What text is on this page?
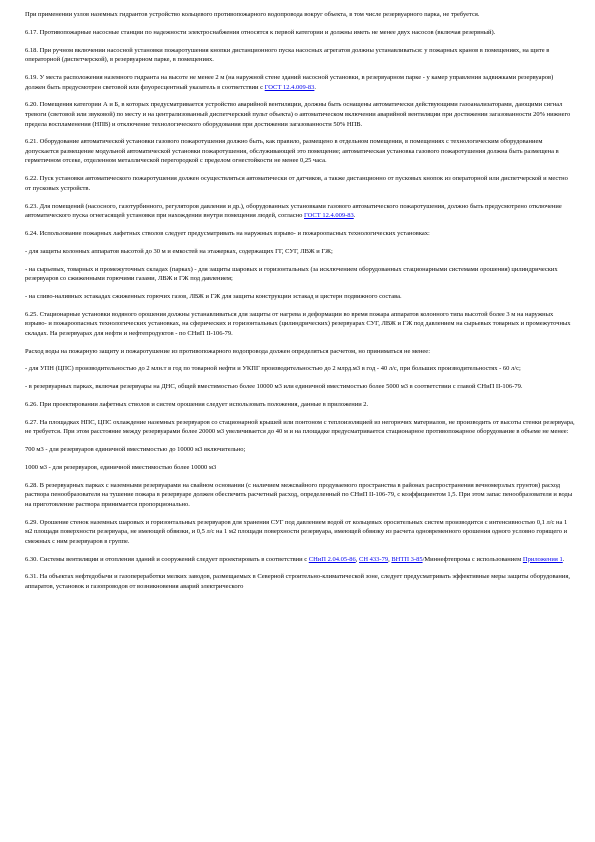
При применении узлов наземных гидрантов устройство кольцевого противопожарного водопровода вокруг объекта, в том числе резервуарного парка, не требуется.

6.17. Противопожарные насосные станции по надежности электроснабжения относятся к первой категории и должны иметь не менее двух насосов (включая резервный).

6.18. При ручном включении насосной установки пожаротушения кнопки дистанционного пуска насосных агрегатов должны устанавливаться: у пожарных кранов в помещениях, на щите в операторной (диспетчерской), в резервуарном парке, в помещениях.

6.19. У места расположения наземного гидранта на высоте не менее 2 м (на наружной стене зданий насосной установки, в резервуарном парке - у камер управления задвижками резервуаров) должен быть предусмотрен световой или флуоресцентный указатель в соответствии с ГОСТ 12.4.009-83.

6.20. Помещения категории А и Б, в которых предусматривается устройство аварийной вентиляции, должны быть оснащены автоматически действующими газоанализаторами, дающими сигнал тревоги (световой или звуковой) по месту и на централизованный диспетчерский пульт объекта) о автоматическом включении аварийной вентиляции при достижении загазованности 20% нижнего предела воспламенения (НПВ) и отключение технологического оборудования при достижении загазованности 50% НПВ.

6.21. Оборудование автоматической установки газового пожаротушения должно быть, как правило, размещено в отдельном помещении, в помещениях с технологическим оборудованием допускается размещение модульной автоматической установки пожаротушения, обслуживающей это помещение; автоматическая установка газового пожаротушения должна быть размещена в герметичном отсеке, отделенном металлической перегородкой с пределом огнестойкости не менее 0,25 часа.

6.22. Пуск установки автоматического пожаротушения должен осуществляться автоматически от датчиков, а также дистанционно от пусковых кнопок из операторной или диспетчерской и местно от пусковых устройств.

6.23. Для помещений (насосного, газотурбинного, регуляторов давления и др.), оборудованных установками газового автоматического пожаротушения, должно быть предусмотрено отключение автоматического пуска огнегасящей установки при нахождении внутри помещения людей, согласно ГОСТ 12.4.009-83.

6.24. Использование пожарных лафетных стволов следует предусматривать на наружных взрыво- и пожароопасных технологических установках:

- для защиты колонных аппаратов высотой до 30 м и емкостей на этажерках, содержащих ГГ, СУГ, ЛВЖ и ГЖ;

- на сырьевых, товарных и промежуточных складах (парках) - для защиты шаровых и горизонтальных (за исключением оборудованных стационарными системами орошения) цилиндрических резервуаров со сжиженными горючими газами, ЛВЖ и ГЖ под давлением;

- на сливо-наливных эстакадах сжиженных горючих газов, ЛВЖ и ГЖ для защиты конструкции эстакад и цистерн подвижного состава.

6.25. Стационарные установки водяного орошения должны устанавливаться для защиты от нагрева и деформации во время пожара аппаратов колонного типа высотой более 3 м на наружных взрыво- и пожароопасных технологических установках, на сферических и горизонтальных (цилиндрических) резервуарах СУГ, ЛВЖ и ГЖ под давлением на сырьевых товарных и промежуточных складах. На резервуарах для нефти и нефтепродуктов - по СНиП II-106-79.

Расход воды на пожарную защиту и пожаротушение из противопожарного водопровода должен определяться расчетом, но приниматься не менее:

- для УПН (ЦПС) производительностью до 2 млн.т в год по товарной нефти и УКПГ производительностью до 2 млрд.м3 в год - 40 л/с, при больших производительностях - 60 л/с;

- в резервуарных парках, включая резервуары на ДНС, общей вместимостью более 10000 м3 или единичной вместимостью более 5000 м3 в соответствии с главой СНиП II-106-79.

6.26. При проектировании лафетных стволов и систем орошения следует использовать положения, данные в приложении 2.

6.27. На площадках НПС, ЦПС охлаждение наземных резервуаров со стационарной крышей или понтоном с теплоизоляцией из негорючих материалов, не производить от высоты стенки резервуара, не требуется. При этом расстояние между резервуарами более 20000 м3 увеличивается до 40 м и на площадке предусматривается стационарное противопожарное оборудование в объеме не менее:

700 м3 - для резервуаров единичной вместимостью до 10000 м3 включительно;

1000 м3 - для резервуаров, единичной вместимостью более 10000 м3

6.28. В резервуарных парках с наземными резервуарами на свайном основании (с наличием межсвайного продуваемого пространства в районах распространения вечномерзлых грунтов) расход раствора пенообразователя на тушение пожара в резервуаре должен обеспечить расчетный расход, определенный по СНиП II-106-79, с коэффициентом 1,5. При этом запас пенообразователя и воды на приготовление раствора принимается пропорционально.

6.29. Орошение стенок наземных шаровых и горизонтальных резервуаров для хранения СУГ под давлением водой от кольцевых оросительных систем производится с интенсивностью 0,1 л/с на 1 м2 площади поверхности резервуара, не имеющей обвязки, и 0,5 л/с на 1 м2 площади поверхности резервуара, имеющей обвязку из расчета одновременного орошения одного условно горящего и смежных с ним резервуаров в группе.

6.30. Системы вентиляции и отопления зданий и сооружений следует проектировать в соответствии с СНиП 2.04.05-86, СН 433-79, ВНТП 3-85/Миннефтепрома с использованием Приложения 1.

6.31. На объектах нефтедобычи и газопереработки мелких заводов, размещаемых в Северной строительно-климатической зоне, следует предусматривать эффективные меры защиты оборудования, аппаратов, установок и газопроводов от возникновения аварий электрического
